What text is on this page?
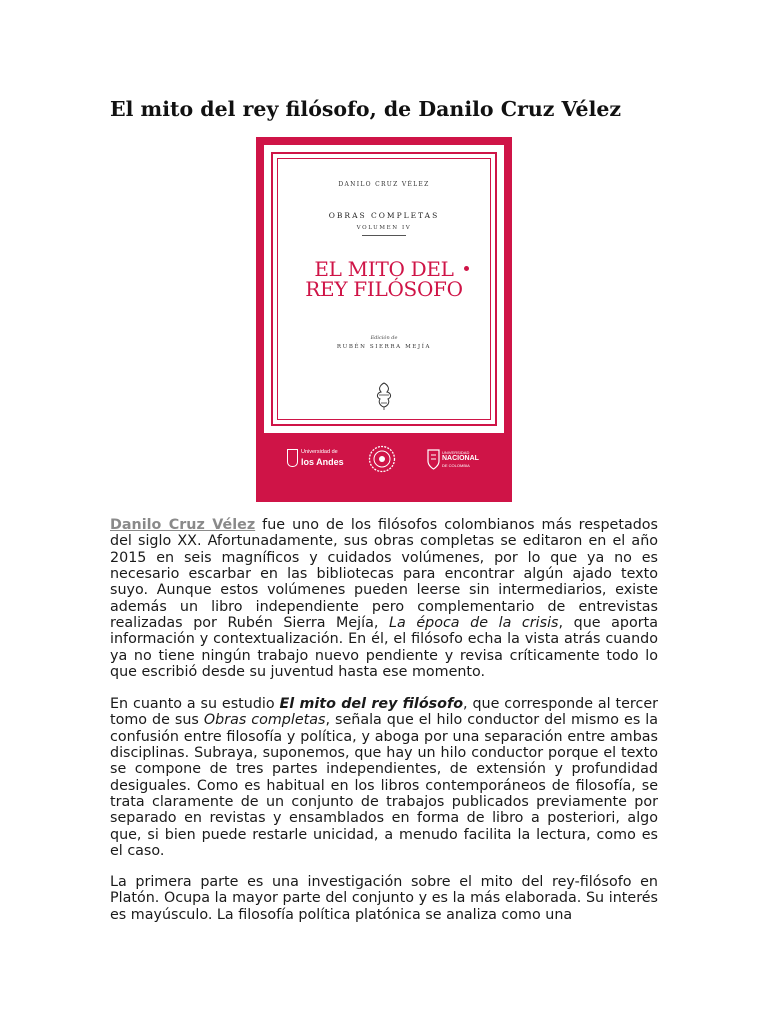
El mito del rey filósofo, de Danilo Cruz Vélez
DANILO CRUZ VÉLEZ
OBRAS COMPLETAS
VOLUMEN IV
EL MITO DEL
REY FILÓSOFO
Edición de
RUBÉN SIERRA MEJÍA
Universidad de
los Andes
UNIVERSIDAD
NACIONAL
DE COLOMBIA

Danilo Cruz Vélez fue uno de los filósofos colombianos más respetados del siglo XX. Afortunadamente, sus obras completas se editaron en el año 2015 en seis magníficos y cuidados volúmenes, por lo que ya no es necesario escarbar en las bibliotecas para encontrar algún ajado texto suyo. Aunque estos volúmenes pueden leerse sin intermediarios, existe además un libro independiente pero complementario de entrevistas realizadas por Rubén Sierra Mejía, La época de la crisis, que aporta información y contextualización. En él, el filósofo echa la vista atrás cuando ya no tiene ningún trabajo nuevo pendiente y revisa críticamente todo lo que escribió desde su juventud hasta ese momento.

En cuanto a su estudio El mito del rey filósofo, que corresponde al tercer tomo de sus Obras completas, señala que el hilo conductor del mismo es la confusión entre filosofía y política, y aboga por una separación entre ambas disciplinas. Subraya, suponemos, que hay un hilo conductor porque el texto se compone de tres partes independientes, de extensión y profundidad desiguales. Como es habitual en los libros contemporáneos de filosofía, se trata claramente de un conjunto de trabajos publicados previamente por separado en revistas y ensamblados en forma de libro a posteriori, algo que, si bien puede restarle unicidad, a menudo facilita la lectura, como es el caso.

La primera parte es una investigación sobre el mito del rey-filósofo en Platón. Ocupa la mayor parte del conjunto y es la más elaborada. Su interés es mayúsculo. La filosofía política platónica se analiza como una
